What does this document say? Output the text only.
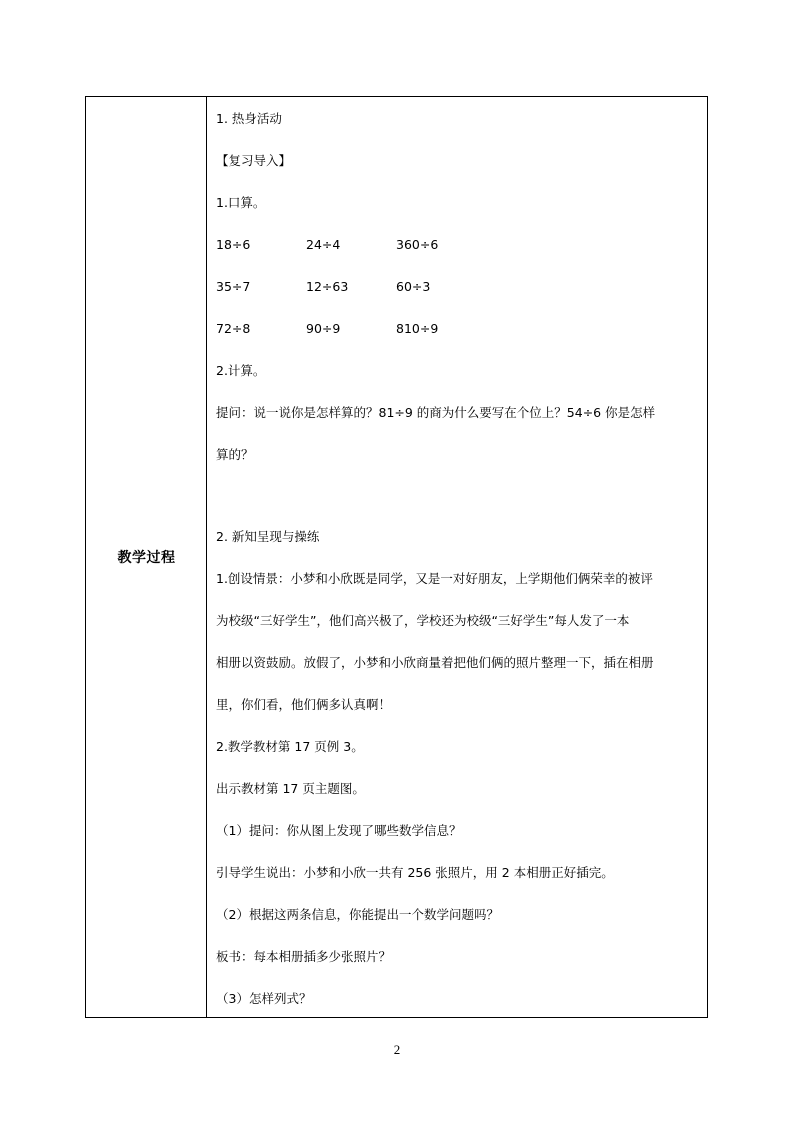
教学过程
1. 热身活动
【复习导入】
1.口算。
18÷6	24÷4	360÷6
35÷7	12÷63	60÷3
72÷8	90÷9	810÷9
2.计算。
提问：说一说你是怎样算的？81÷9 的商为什么要写在个位上？54÷6 你是怎样
算的？
2. 新知呈现与操练
1.创设情景：小梦和小欣既是同学，又是一对好朋友，上学期他们俩荣幸的被评
为校级“三好学生”，他们高兴极了，学校还为校级“三好学生”每人发了一本
相册以资鼓励。放假了，小梦和小欣商量着把他们俩的照片整理一下，插在相册
里，你们看，他们俩多认真啊！
2.教学教材第 17 页例 3。
出示教材第 17 页主题图。
（1）提问：你从图上发现了哪些数学信息？
引导学生说出：小梦和小欣一共有 256 张照片，用 2 本相册正好插完。
（2）根据这两条信息，你能提出一个数学问题吗？
板书：每本相册插多少张照片？
（3）怎样列式？
2
